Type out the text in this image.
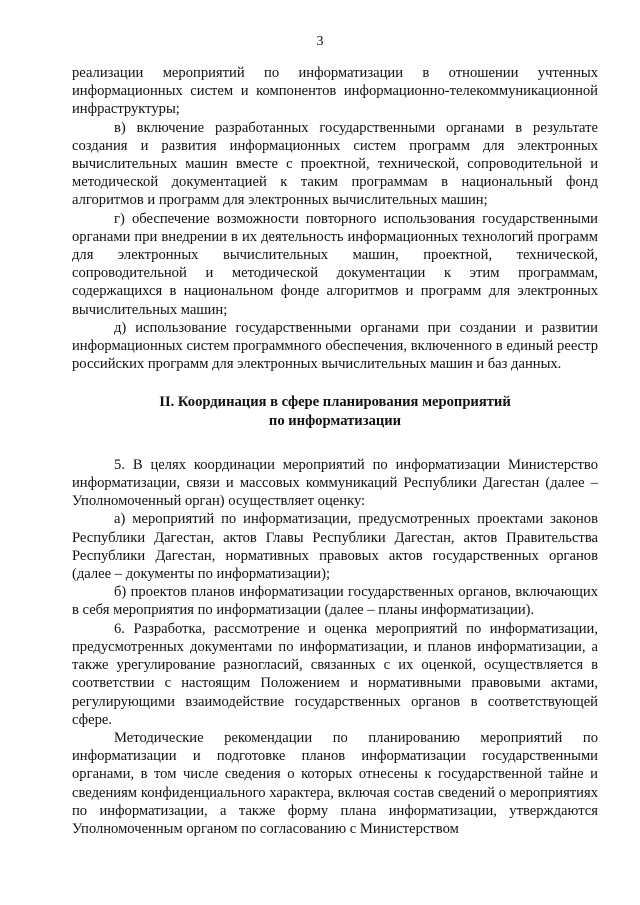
3

реализации мероприятий по информатизации в отношении учтенных информационных систем и компонентов информационно-телекоммуникационной инфраструктуры;

в) включение разработанных государственными органами в результате создания и развития информационных систем программ для электронных вычислительных машин вместе с проектной, технической, сопроводительной и методической документацией к таким программам в национальный фонд алгоритмов и программ для электронных вычислительных машин;

г) обеспечение возможности повторного использования государственными органами при внедрении в их деятельность информационных технологий программ для электронных вычислительных машин, проектной, технической, сопроводительной и методической документации к этим программам, содержащихся в национальном фонде алгоритмов и программ для электронных вычислительных машин;

д) использование государственными органами при создании и развитии информационных систем программного обеспечения, включенного в единый реестр российских программ для электронных вычислительных машин и баз данных.

II. Координация в сфере планирования мероприятий
по информатизации

5. В целях координации мероприятий по информатизации Министерство информатизации, связи и массовых коммуникаций Республики Дагестан (далее – Уполномоченный орган) осуществляет оценку:

а) мероприятий по информатизации, предусмотренных проектами законов Республики Дагестан, актов Главы Республики Дагестан, актов Правительства Республики Дагестан, нормативных правовых актов государственных органов (далее – документы по информатизации);

б) проектов планов информатизации государственных органов, включающих в себя мероприятия по информатизации (далее – планы информатизации).

6. Разработка, рассмотрение и оценка мероприятий по информатизации, предусмотренных документами по информатизации, и планов информатизации, а также урегулирование разногласий, связанных с их оценкой, осуществляется в соответствии с настоящим Положением и нормативными правовыми актами, регулирующими взаимодействие государственных органов в соответствующей сфере.

Методические рекомендации по планированию мероприятий по информатизации и подготовке планов информатизации государственными органами, в том числе сведения о которых отнесены к государственной тайне и сведениям конфиденциального характера, включая состав сведений о мероприятиях по информатизации, а также форму плана информатизации, утверждаются Уполномоченным органом по согласованию с Министерством
